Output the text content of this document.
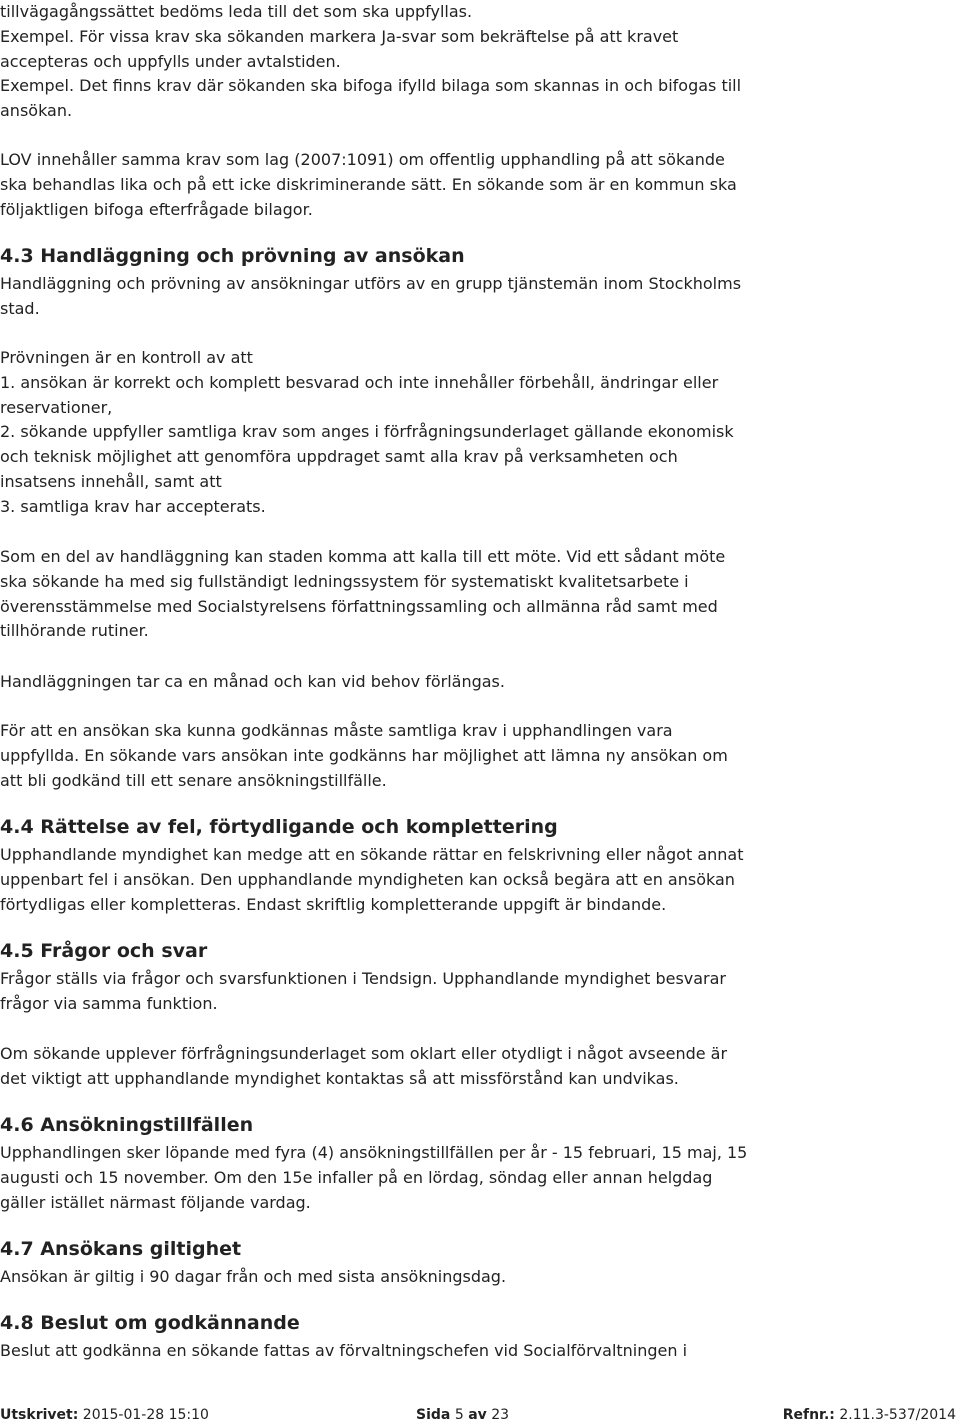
tillvägagångssättet bedöms leda till det som ska uppfyllas.
Exempel. För vissa krav ska sökanden markera Ja-svar som bekräftelse på att kravet
accepteras och uppfylls under avtalstiden.
Exempel. Det finns krav där sökanden ska bifoga ifylld bilaga som skannas in och bifogas till
ansökan.
LOV innehåller samma krav som lag (2007:1091) om offentlig upphandling på att sökande
ska behandlas lika och på ett icke diskriminerande sätt. En sökande som är en kommun ska
följaktligen bifoga efterfrågade bilagor.
4.3 Handläggning och prövning av ansökan
Handläggning och prövning av ansökningar utförs av en grupp tjänstemän inom Stockholms
stad.
Prövningen är en kontroll av att
1. ansökan är korrekt och komplett besvarad och inte innehåller förbehåll, ändringar eller
reservationer,
2. sökande uppfyller samtliga krav som anges i förfrågningsunderlaget gällande ekonomisk
och teknisk möjlighet att genomföra uppdraget samt alla krav på verksamheten och
insatsens innehåll, samt att
3. samtliga krav har accepterats.
Som en del av handläggning kan staden komma att kalla till ett möte. Vid ett sådant möte
ska sökande ha med sig fullständigt ledningssystem för systematiskt kvalitetsarbete i
överensstämmelse med Socialstyrelsens författningssamling och allmänna råd samt med
tillhörande rutiner.
Handläggningen tar ca en månad och kan vid behov förlängas.
För att en ansökan ska kunna godkännas måste samtliga krav i upphandlingen vara
uppfyllda. En sökande vars ansökan inte godkänns har möjlighet att lämna ny ansökan om
att bli godkänd till ett senare ansökningstillfälle.
4.4 Rättelse av fel, förtydligande och komplettering
Upphandlande myndighet kan medge att en sökande rättar en felskrivning eller något annat
uppenbart fel i ansökan. Den upphandlande myndigheten kan också begära att en ansökan
förtydligas eller kompletteras. Endast skriftlig kompletterande uppgift är bindande.
4.5 Frågor och svar
Frågor ställs via frågor och svarsfunktionen i Tendsign. Upphandlande myndighet besvarar
frågor via samma funktion.
Om sökande upplever förfrågningsunderlaget som oklart eller otydligt i något avseende är
det viktigt att upphandlande myndighet kontaktas så att missförstånd kan undvikas.
4.6 Ansökningstillfällen
Upphandlingen sker löpande med fyra (4) ansökningstillfällen per år - 15 februari, 15 maj, 15
augusti och 15 november. Om den 15e infaller på en lördag, söndag eller annan helgdag
gäller istället närmast följande vardag.
4.7 Ansökans giltighet
Ansökan är giltig i 90 dagar från och med sista ansökningsdag.
4.8 Beslut om godkännande
Beslut att godkänna en sökande fattas av förvaltningschefen vid Socialförvaltningen i
Utskrivet: 2015-01-28 15:10	Sida 5 av 23	Refnr.: 2.11.3-537/2014
